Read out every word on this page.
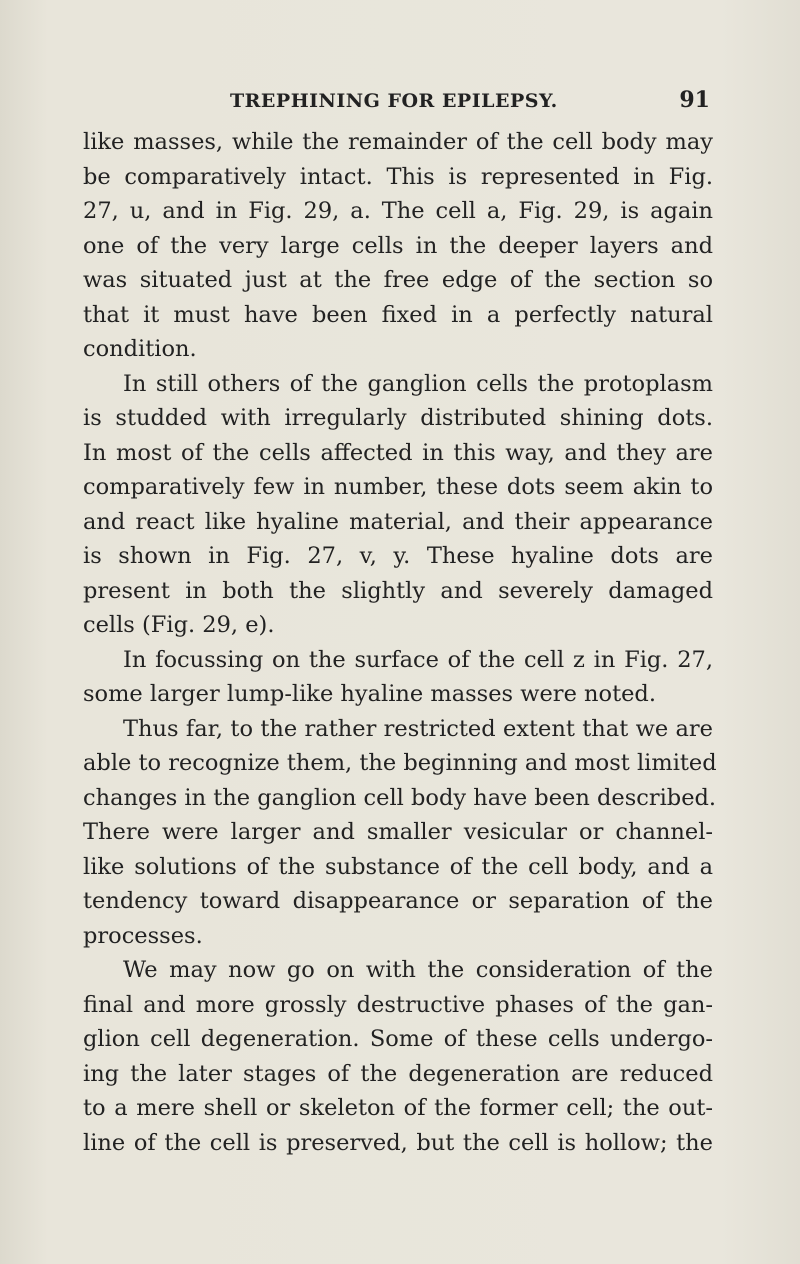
TREPHINING FOR EPILEPSY.	91
like masses, while the remainder of the cell body may
be comparatively intact. This is represented in Fig.
27, u, and in Fig. 29, a. The cell a, Fig. 29, is again
one of the very large cells in the deeper layers and
was situated just at the free edge of the section so
that it must have been fixed in a perfectly natural
condition.
In still others of the ganglion cells the protoplasm
is studded with irregularly distributed shining dots.
In most of the cells affected in this way, and they are
comparatively few in number, these dots seem akin to
and react like hyaline material, and their appearance
is shown in Fig. 27, v, y. These hyaline dots are
present in both the slightly and severely damaged
cells (Fig. 29, e).
In focussing on the surface of the cell z in Fig. 27,
some larger lump-like hyaline masses were noted.
Thus far, to the rather restricted extent that we are
able to recognize them, the beginning and most limited
changes in the ganglion cell body have been described.
There were larger and smaller vesicular or channel-
like solutions of the substance of the cell body, and a
tendency toward disappearance or separation of the
processes.
We may now go on with the consideration of the
final and more grossly destructive phases of the gan-
glion cell degeneration. Some of these cells undergo-
ing the later stages of the degeneration are reduced
to a mere shell or skeleton of the former cell; the out-
line of the cell is preserved, but the cell is hollow; the
